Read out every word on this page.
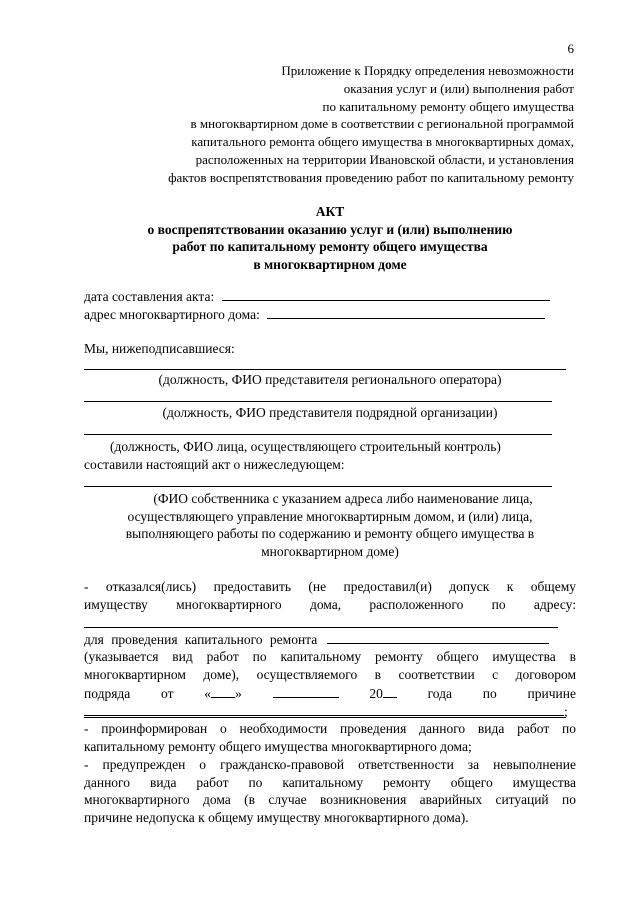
6
Приложение к Порядку определения невозможности
оказания услуг и (или) выполнения работ
по капитальному ремонту общего имущества
в многоквартирном доме в соответствии с региональной программой
капитального ремонта общего имущества в многоквартирных домах,
расположенных на территории Ивановской области, и установления
фактов воспрепятствования проведению работ по капитальному ремонту
АКТ
о воспрепятствовании оказанию услуг и (или) выполнению
работ по капитальному ремонту общего имущества
в многоквартирном доме
дата составления акта:
адрес многоквартирного дома:
Мы, нижеподписавшиеся:
(должность, ФИО представителя регионального оператора)
(должность, ФИО представителя подрядной организации)
(должность, ФИО лица, осуществляющего строительный контроль)
составили настоящий акт о нижеследующем:
(ФИО собственника с указанием адреса либо наименование лица,
осуществляющего управление многоквартирным домом, и (или) лица,
выполняющего работы по содержанию и ремонту общего имущества в
многоквартирном доме)
- отказался(лись) предоставить (не предоставил(и) допуск к общему
имуществу многоквартирного дома, расположенного по адресу:
для проведения капитального ремонта
(указывается вид работ по капитальному ремонту общего имущества в
многоквартирном доме), осуществляемого в соответствии с договором
подряда от « »	20	года по причине
;
- проинформирован о необходимости проведения данного вида работ по
капитальному ремонту общего имущества многоквартирного дома;
- предупрежден о гражданско-правовой ответственности за невыполнение
данного вида работ по капитальному ремонту общего имущества
многоквартирного дома (в случае возникновения аварийных ситуаций по
причине недопуска к общему имуществу многоквартирного дома).
